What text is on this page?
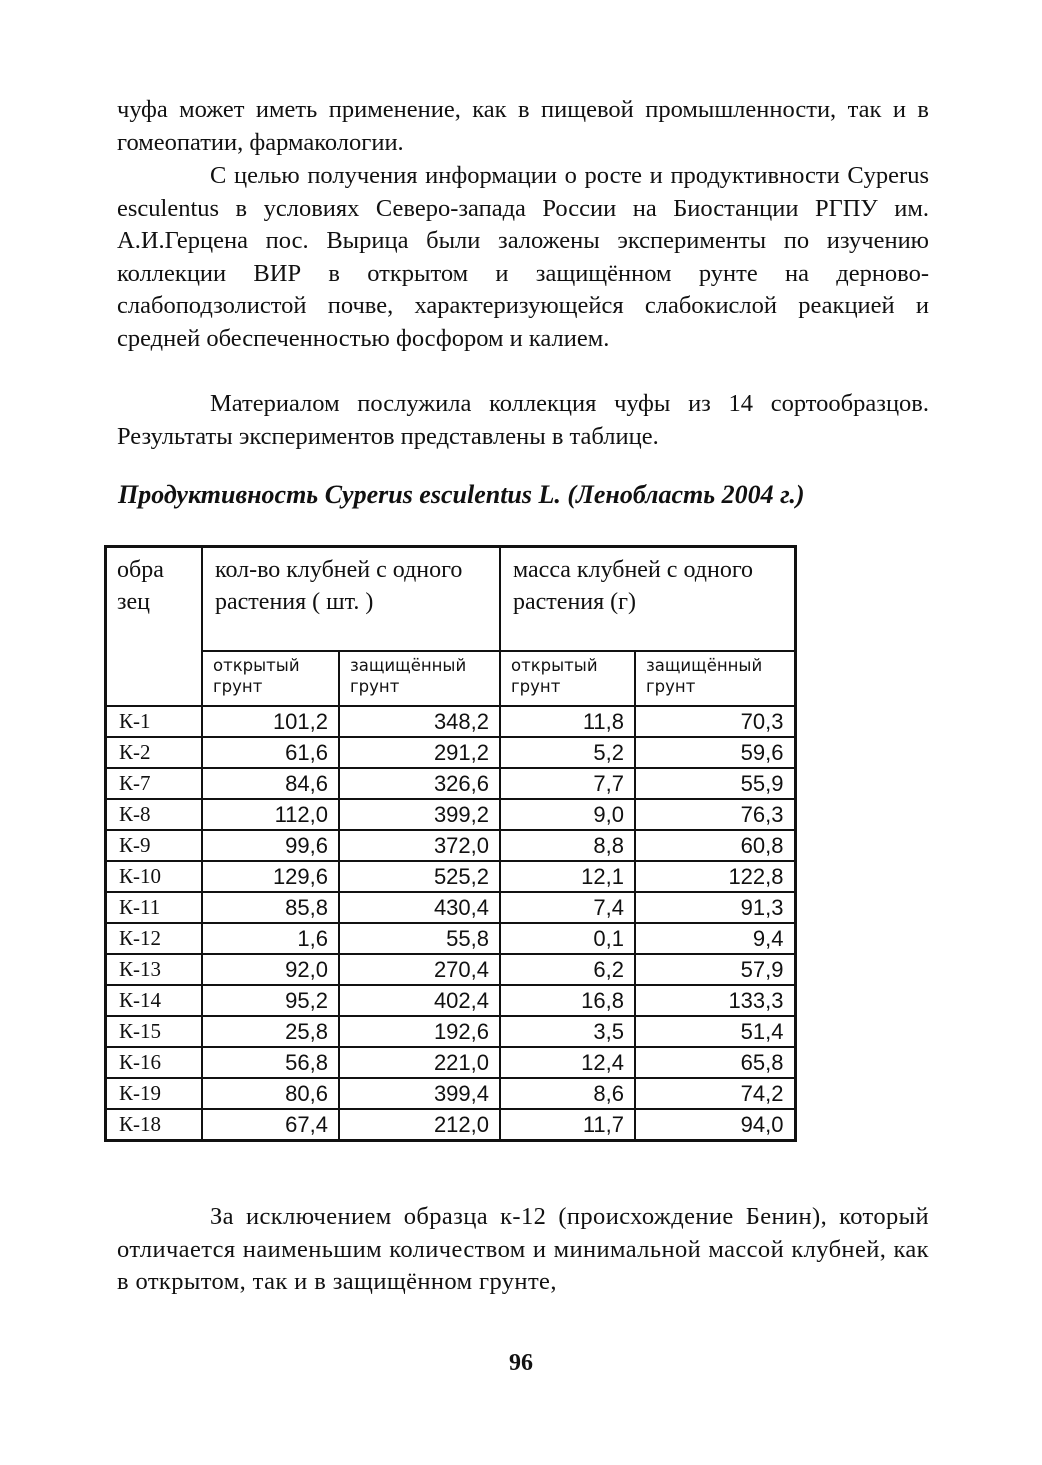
чуфа может иметь применение, как в пищевой промышленности, так и в гомеопатии, фармакологии.

С целью получения информации о росте и продуктивности Cyperus esculentus в условиях Северо-запада России на Биостанции РГПУ им. А.И.Герцена пос. Вырица были заложены эксперименты по изучению коллекции ВИР в открытом и защищённом рунте на дерново-слабоподзолистой почве, характеризующейся слабокислой реакцией и средней обеспеченностью фосфором и калием.

Материалом послужила коллекция чуфы из 14 сортообразцов. Результаты экспериментов представлены в таблице.

Продуктивность Cyperus esculentus L. (Ленобласть 2004 г.)

обра зец	кол-во клубней с одного растения ( шт. )		масса клубней с одного растения (г)	
	открытый грунт	защищённый грунт	открытый грунт	защищённый грунт
К-1	101,2	348,2	11,8	70,3
К-2	61,6	291,2	5,2	59,6
К-7	84,6	326,6	7,7	55,9
К-8	112,0	399,2	9,0	76,3
К-9	99,6	372,0	8,8	60,8
К-10	129,6	525,2	12,1	122,8
К-11	85,8	430,4	7,4	91,3
К-12	1,6	55,8	0,1	9,4
К-13	92,0	270,4	6,2	57,9
К-14	95,2	402,4	16,8	133,3
К-15	25,8	192,6	3,5	51,4
К-16	56,8	221,0	12,4	65,8
К-19	80,6	399,4	8,6	74,2
К-18	67,4	212,0	11,7	94,0

За исключением образца к-12 (происхождение Бенин), который отличается наименьшим количеством и минимальной массой клубней, как в открытом, так и в защищённом грунте,

96
